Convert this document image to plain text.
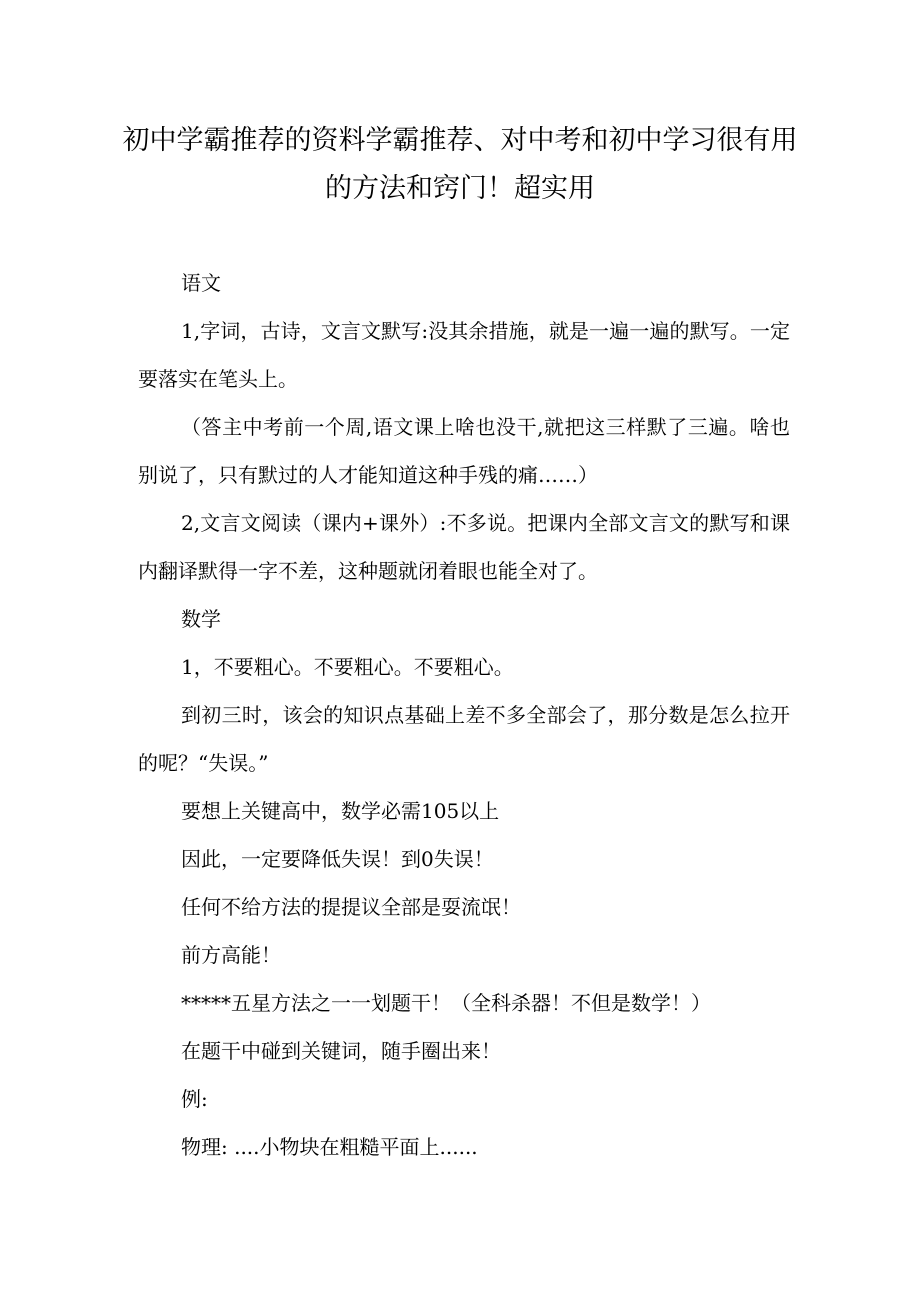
初中学霸推荐的资料学霸推荐、对中考和初中学习很有用的方法和窍门！超实用

语文

1,字词，古诗，文言文默写:没其余措施，就是一遍一遍的默写。一定要落实在笔头上。

（答主中考前一个周,语文课上啥也没干,就把这三样默了三遍。啥也别说了，只有默过的人才能知道这种手残的痛……）

2,文言文阅读（课内+课外）:不多说。把课内全部文言文的默写和课内翻译默得一字不差，这种题就闭着眼也能全对了。

数学

1，不要粗心。不要粗心。不要粗心。

到初三时，该会的知识点基础上差不多全部会了，那分数是怎么拉开的呢？“失误。”

要想上关键高中，数学必需105以上

因此，一定要降低失误！到0失误！

任何不给方法的提提议全部是耍流氓！

前方高能！

*****五星方法之一一划题干！（全科杀器！不但是数学！）

在题干中碰到关键词，随手圈出来！

例:

物理: ....小物块在粗糙平面上......
